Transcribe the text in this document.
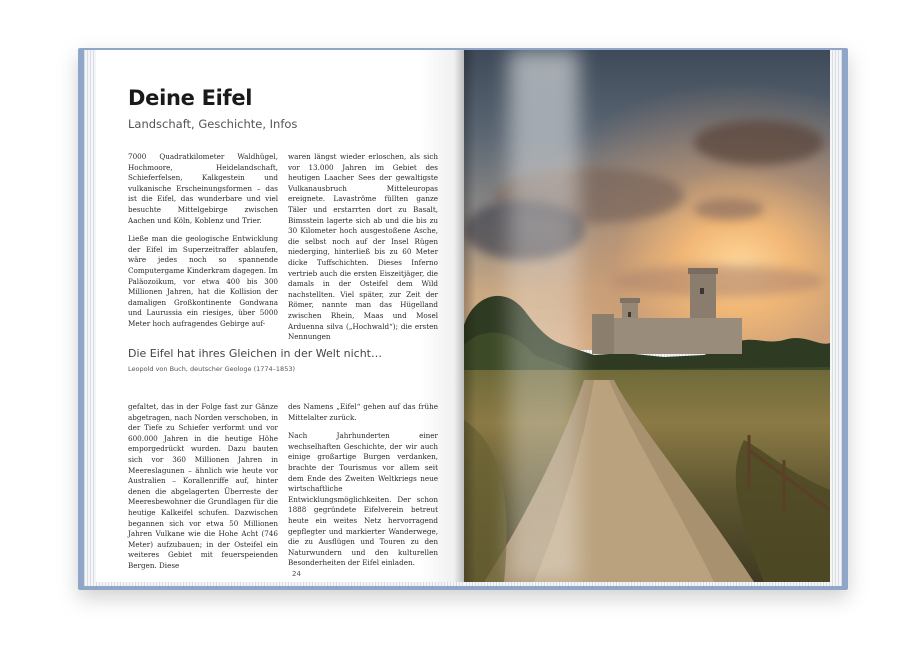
Deine Eifel
Landschaft, Geschichte, Infos

7000 Quadratkilometer Waldhügel, Hochmoore, Heidelandschaft, Schieferfelsen, Kalkgestein und vulkanische Erscheinungsformen – das ist die Eifel, das wunderbare und viel besuchte Mittelgebirge zwischen Aachen und Köln, Koblenz und Trier.

Ließe man die geologische Entwicklung der Eifel im Superzeitraffer ablaufen, wäre jedes noch so spannende Computergame Kinderkram dagegen. Im Paläozoikum, vor etwa 400 bis 300 Millionen Jahren, hat die Kollision der damaligen Großkontinente Gondwana und Laurussia ein riesiges, über 5000 Meter hoch aufragendes Gebirge auf-

waren längst wieder erloschen, als sich vor 13.000 Jahren im Gebiet des heutigen Laacher Sees der gewaltigste Vulkanausbruch Mitteleuropas ereignete. Lavaströme füllten ganze Täler und erstarrten dort zu Basalt, Bimsstein lagerte sich ab und die bis zu 30 Kilometer hoch ausgestoßene Asche, die selbst noch auf der Insel Rügen niederging, hinterließ bis zu 60 Meter dicke Tuffschichten. Dieses Inferno vertrieb auch die ersten Eiszeitjäger, die damals in der Osteifel dem Wild nachstellten. Viel später, zur Zeit der Römer, nannte man das Hügelland zwischen Rhein, Maas und Mosel Arduenna silva („Hochwald“); die ersten Nennungen

Die Eifel hat ihres Gleichen in der Welt nicht…
Leopold von Buch, deutscher Geologe (1774–1853)

gefaltet, das in der Folge fast zur Gänze abgetragen, nach Norden verschoben, in der Tiefe zu Schiefer verformt und vor 600.000 Jahren in die heutige Höhe emporgedrückt wurden. Dazu bauten sich vor 360 Millionen Jahren in Meereslagunen – ähnlich wie heute vor Australien – Korallenriffe auf, hinter denen die abgelagerten Überreste der Meeresbewohner die Grundlagen für die heutige Kalkeifel schufen. Dazwischen begannen sich vor etwa 50 Millionen Jahren Vulkane wie die Hohe Acht (746 Meter) aufzubauen; in der Osteifel ein weiteres Gebiet mit feuerspeienden Bergen. Diese

des Namens „Eifel“ gehen auf das frühe Mittelalter zurück.

Nach Jahrhunderten einer wechselhaften Geschichte, der wir auch einige großartige Burgen verdanken, brachte der Tourismus vor allem seit dem Ende des Zweiten Weltkriegs neue wirtschaftliche Entwicklungsmöglichkeiten. Der schon 1888 gegründete Eifelverein betreut heute ein weites Netz hervorragend gepflegter und markierter Wanderwege, die zu Ausflügen und Touren zu den Naturwundern und den kulturellen Besonderheiten der Eifel einladen.

24
